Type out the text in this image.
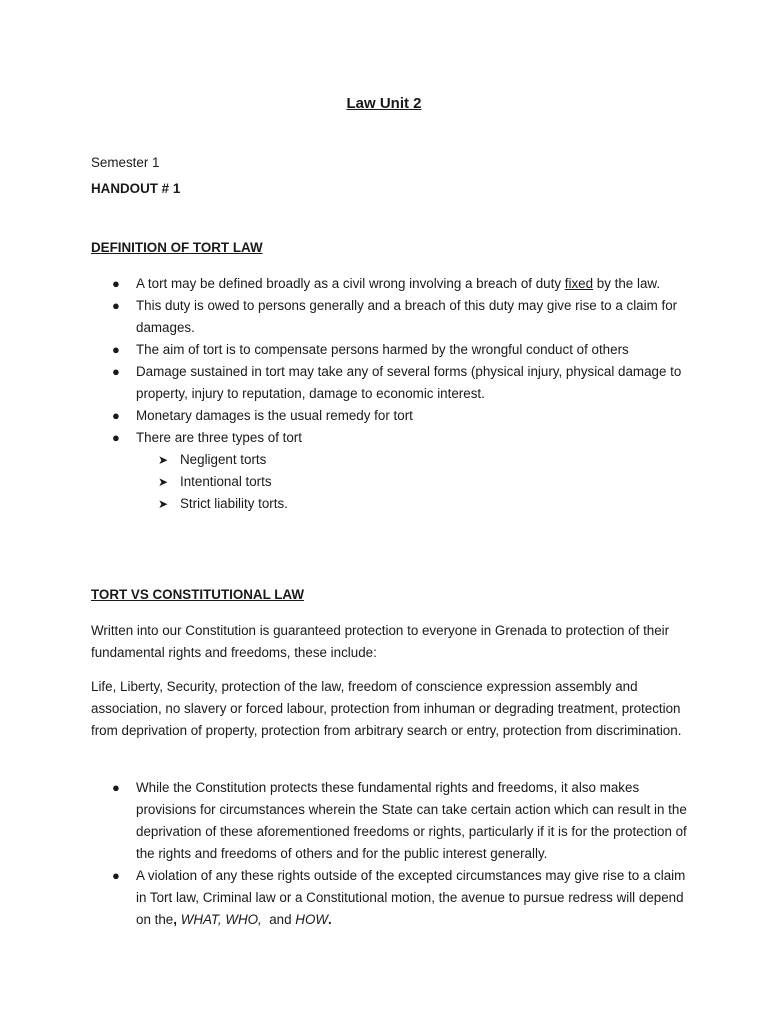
Law Unit 2
Semester 1
HANDOUT # 1
DEFINITION OF TORT LAW
● A tort may be defined broadly as a civil wrong involving a breach of duty fixed by the law.
● This duty is owed to persons generally and a breach of this duty may give rise to a claim for damages.
● The aim of tort is to compensate persons harmed by the wrongful conduct of others
● Damage sustained in tort may take any of several forms (physical injury, physical damage to property, injury to reputation, damage to economic interest.
● Monetary damages is the usual remedy for tort
● There are three types of tort
➤ Negligent torts
➤ Intentional torts
➤ Strict liability torts.
TORT VS CONSTITUTIONAL LAW
Written into our Constitution is guaranteed protection to everyone in Grenada to protection of their fundamental rights and freedoms, these include:
Life, Liberty, Security, protection of the law, freedom of conscience expression assembly and association, no slavery or forced labour, protection from inhuman or degrading treatment, protection from deprivation of property, protection from arbitrary search or entry, protection from discrimination.
● While the Constitution protects these fundamental rights and freedoms, it also makes provisions for circumstances wherein the State can take certain action which can result in the deprivation of these aforementioned freedoms or rights, particularly if it is for the protection of the rights and freedoms of others and for the public interest generally.
● A violation of any these rights outside of the excepted circumstances may give rise to a claim in Tort law, Criminal law or a Constitutional motion, the avenue to pursue redress will depend on the, WHAT, WHO,  and HOW.
